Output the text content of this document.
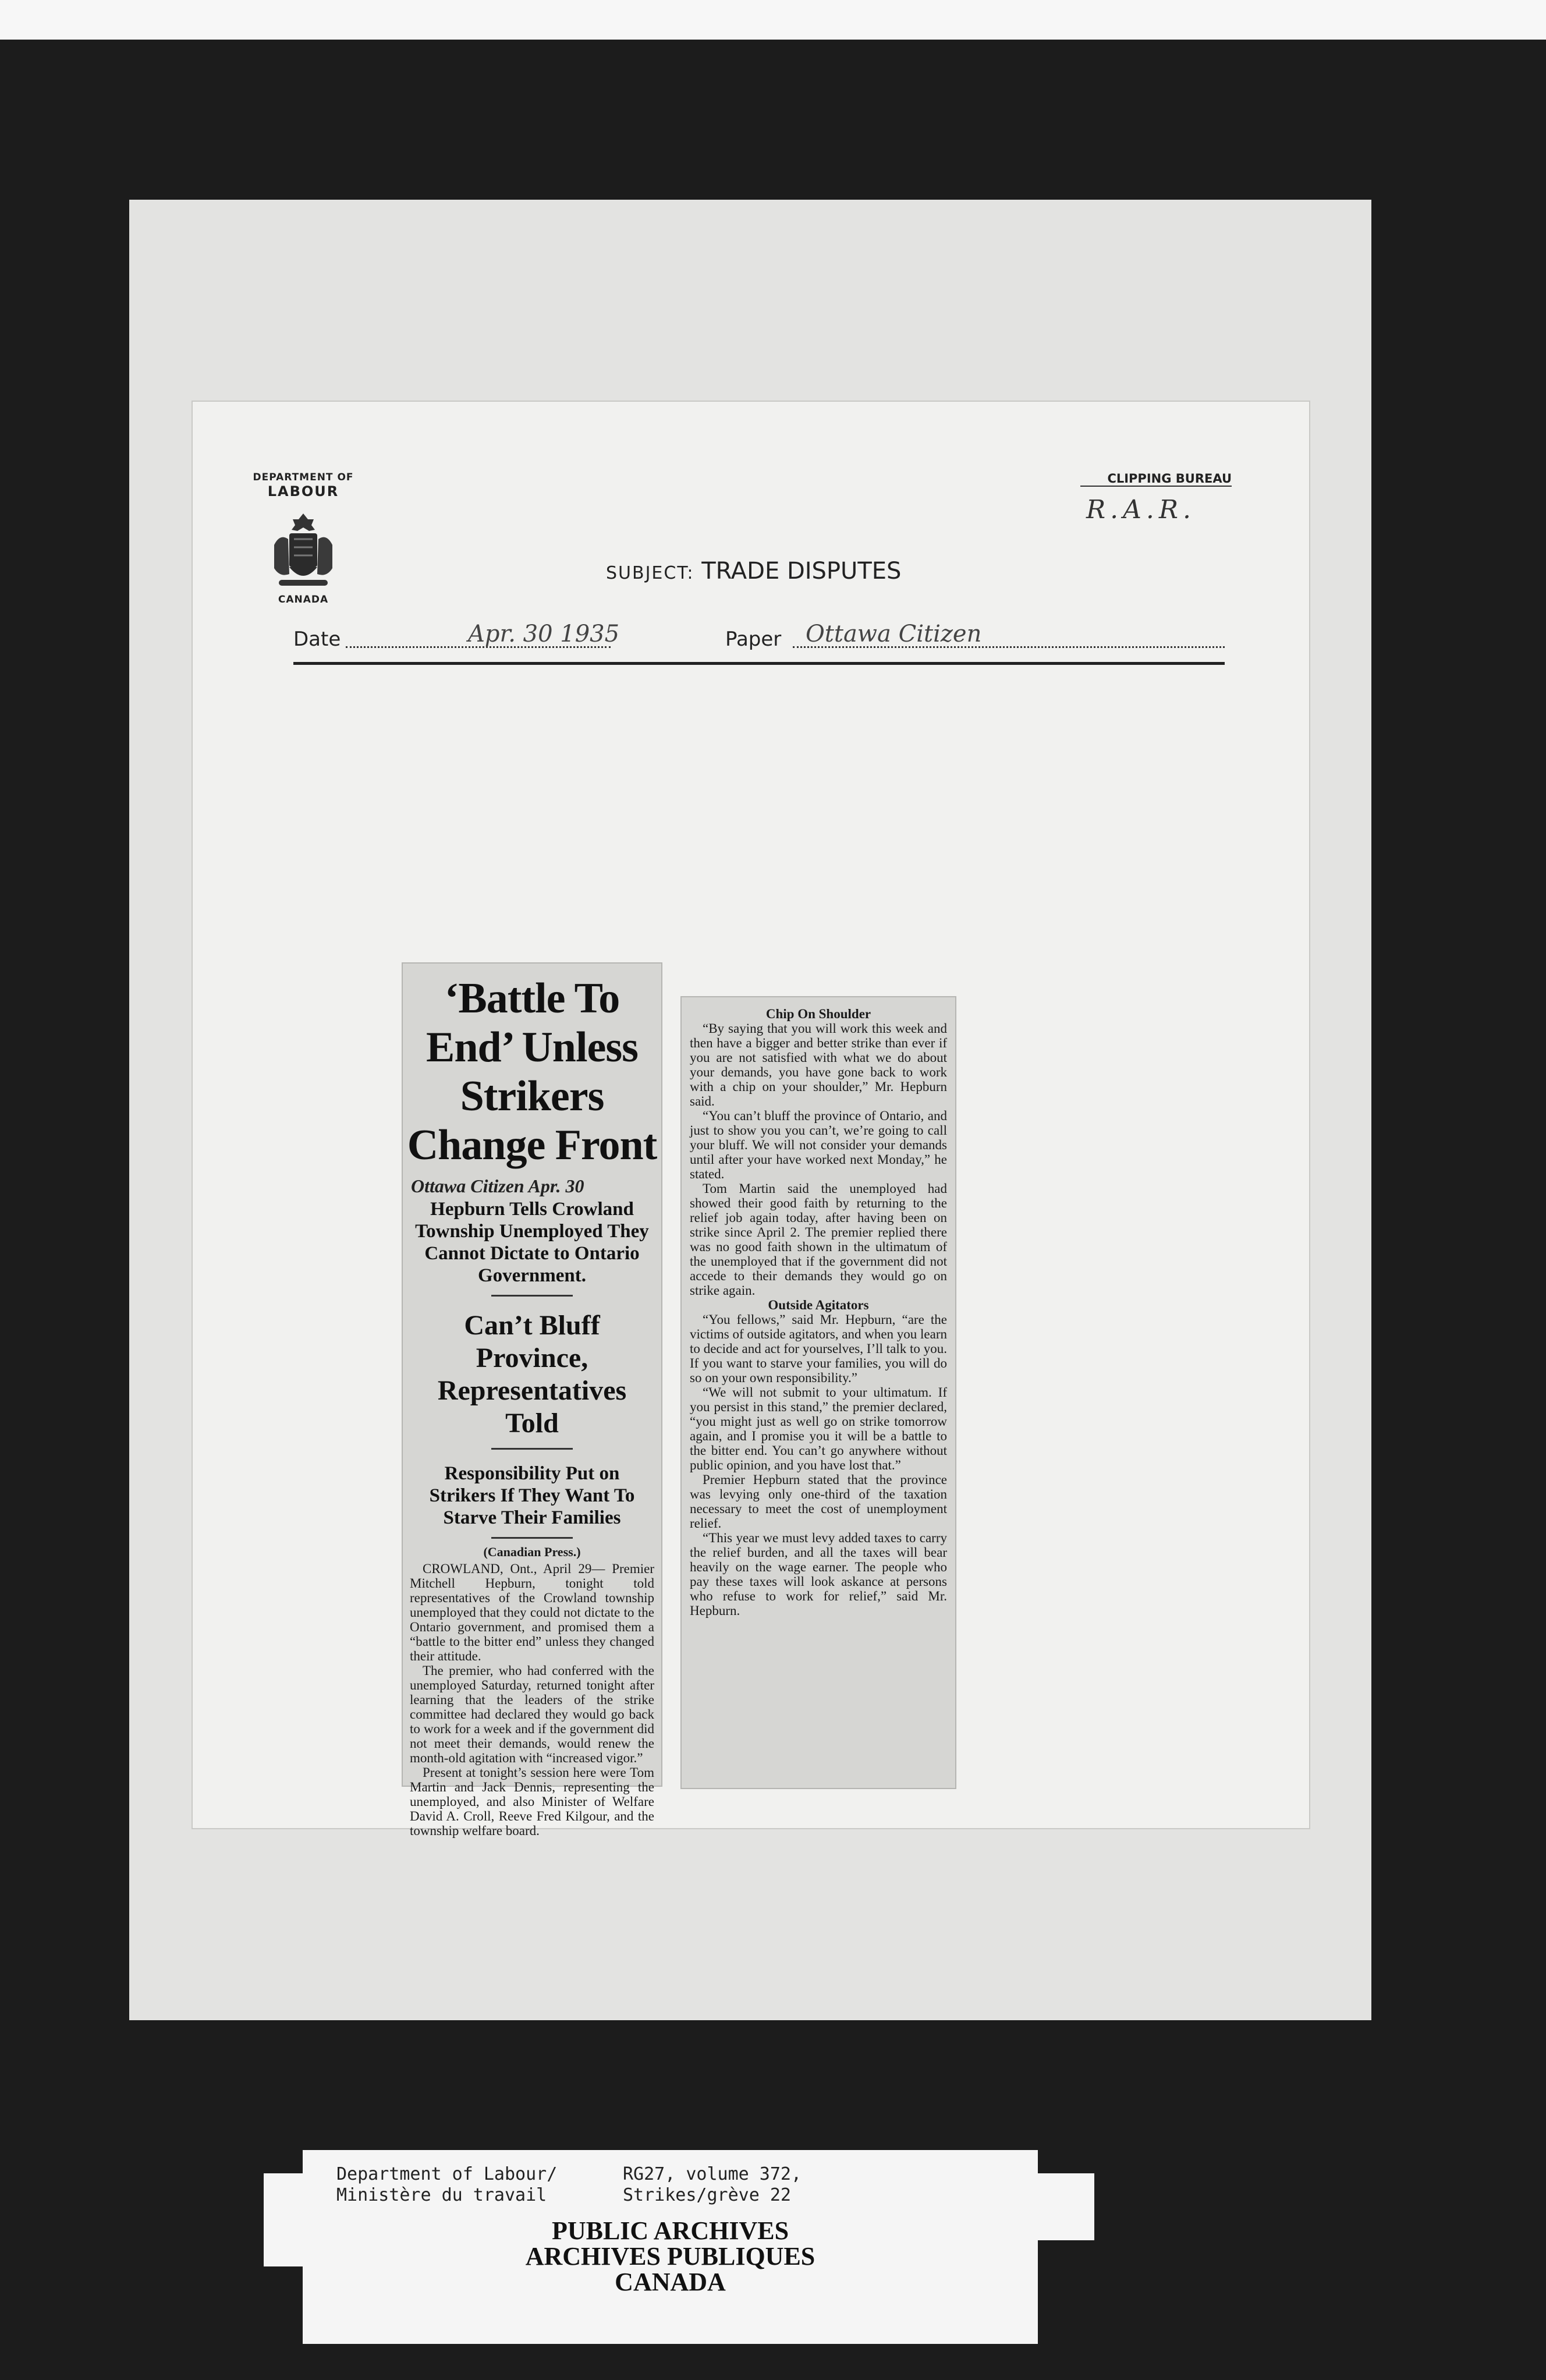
DEPARTMENT OF
LABOUR
CANADA
CLIPPING BUREAU
R.A.R.
SUBJECT: TRADE DISPUTES
Date	Apr. 30 1935	Paper Ottawa Citizen
‘Battle To End’ Unless Strikers Change Front
Ottawa Citizen Apr. 30
Hepburn Tells Crowland Township Unemployed They Cannot Dictate to Ontario Government.
Can’t Bluff Province, Representatives Told
Responsibility Put on Strikers If They Want To Starve Their Families
(Canadian Press.)

CROWLAND, Ont., April 29— Premier Mitchell Hepburn, tonight told representatives of the Crowland township unemployed that they could not dictate to the Ontario government, and promised them a “battle to the bitter end” unless they changed their attitude.

The premier, who had conferred with the unemployed Saturday, returned tonight after learning that the leaders of the strike committee had declared they would go back to work for a week and if the government did not meet their demands, would renew the month-old agitation with “increased vigor.”

Present at tonight’s session here were Tom Martin and Jack Dennis, representing the unemployed, and also Minister of Welfare David A. Croll, Reeve Fred Kilgour, and the township welfare board.

Chip On Shoulder

“By saying that you will work this week and then have a bigger and better strike than ever if you are not satisfied with what we do about your demands, you have gone back to work with a chip on your shoulder,” Mr. Hepburn said.

“You can’t bluff the province of Ontario, and just to show you you can’t, we’re going to call your bluff. We will not consider your demands until after your have worked next Monday,” he stated.

Tom Martin said the unemployed had showed their good faith by returning to the relief job again today, after having been on strike since April 2. The premier replied there was no good faith shown in the ultimatum of the unemployed that if the government did not accede to their demands they would go on strike again.

Outside Agitators

“You fellows,” said Mr. Hepburn, “are the victims of outside agitators, and when you learn to decide and act for yourselves, I’ll talk to you. If you want to starve your families, you will do so on your own responsibility.”

“We will not submit to your ultimatum. If you persist in this stand,” the premier declared, “you might just as well go on strike tomorrow again, and I promise you it will be a battle to the bitter end. You can’t go anywhere without public opinion, and you have lost that.”

Premier Hepburn stated that the province was levying only one-third of the taxation necessary to meet the cost of unemployment relief.

“This year we must levy added taxes to carry the relief burden, and all the taxes will bear heavily on the wage earner. The people who pay these taxes will look askance at persons who refuse to work for relief,” said Mr. Hepburn.

Department of Labour/
Ministère du travail
RG27, volume 372,
Strikes/grève 22
PUBLIC ARCHIVES
ARCHIVES PUBLIQUES
CANADA
